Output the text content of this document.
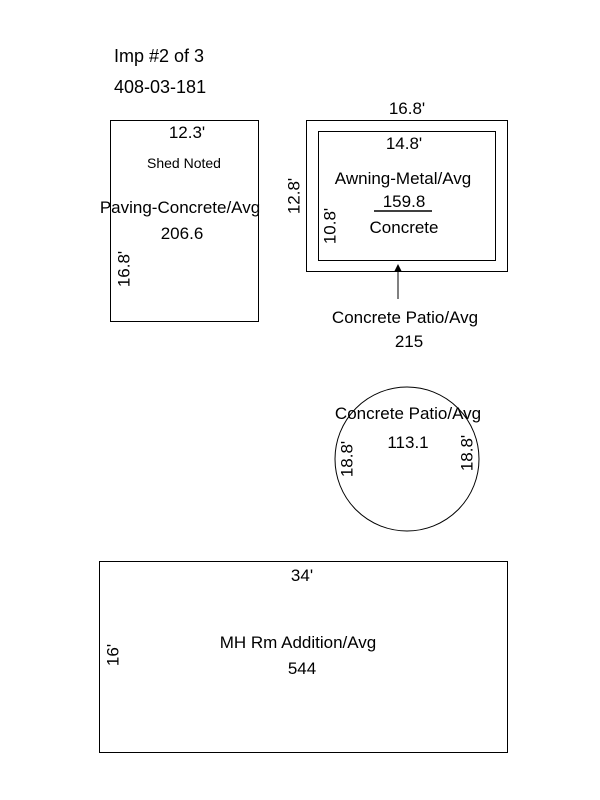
Imp #2 of 3
408-03-181
12.3'
Shed Noted
Paving-Concrete/Avg
206.6
16.8'
16.8'
12.8'
14.8'
10.8'
Awning-Metal/Avg
159.8
Concrete
Concrete Patio/Avg
215
Concrete Patio/Avg
113.1
18.8'	18.8'
34'
16'
MH Rm Addition/Avg
544
